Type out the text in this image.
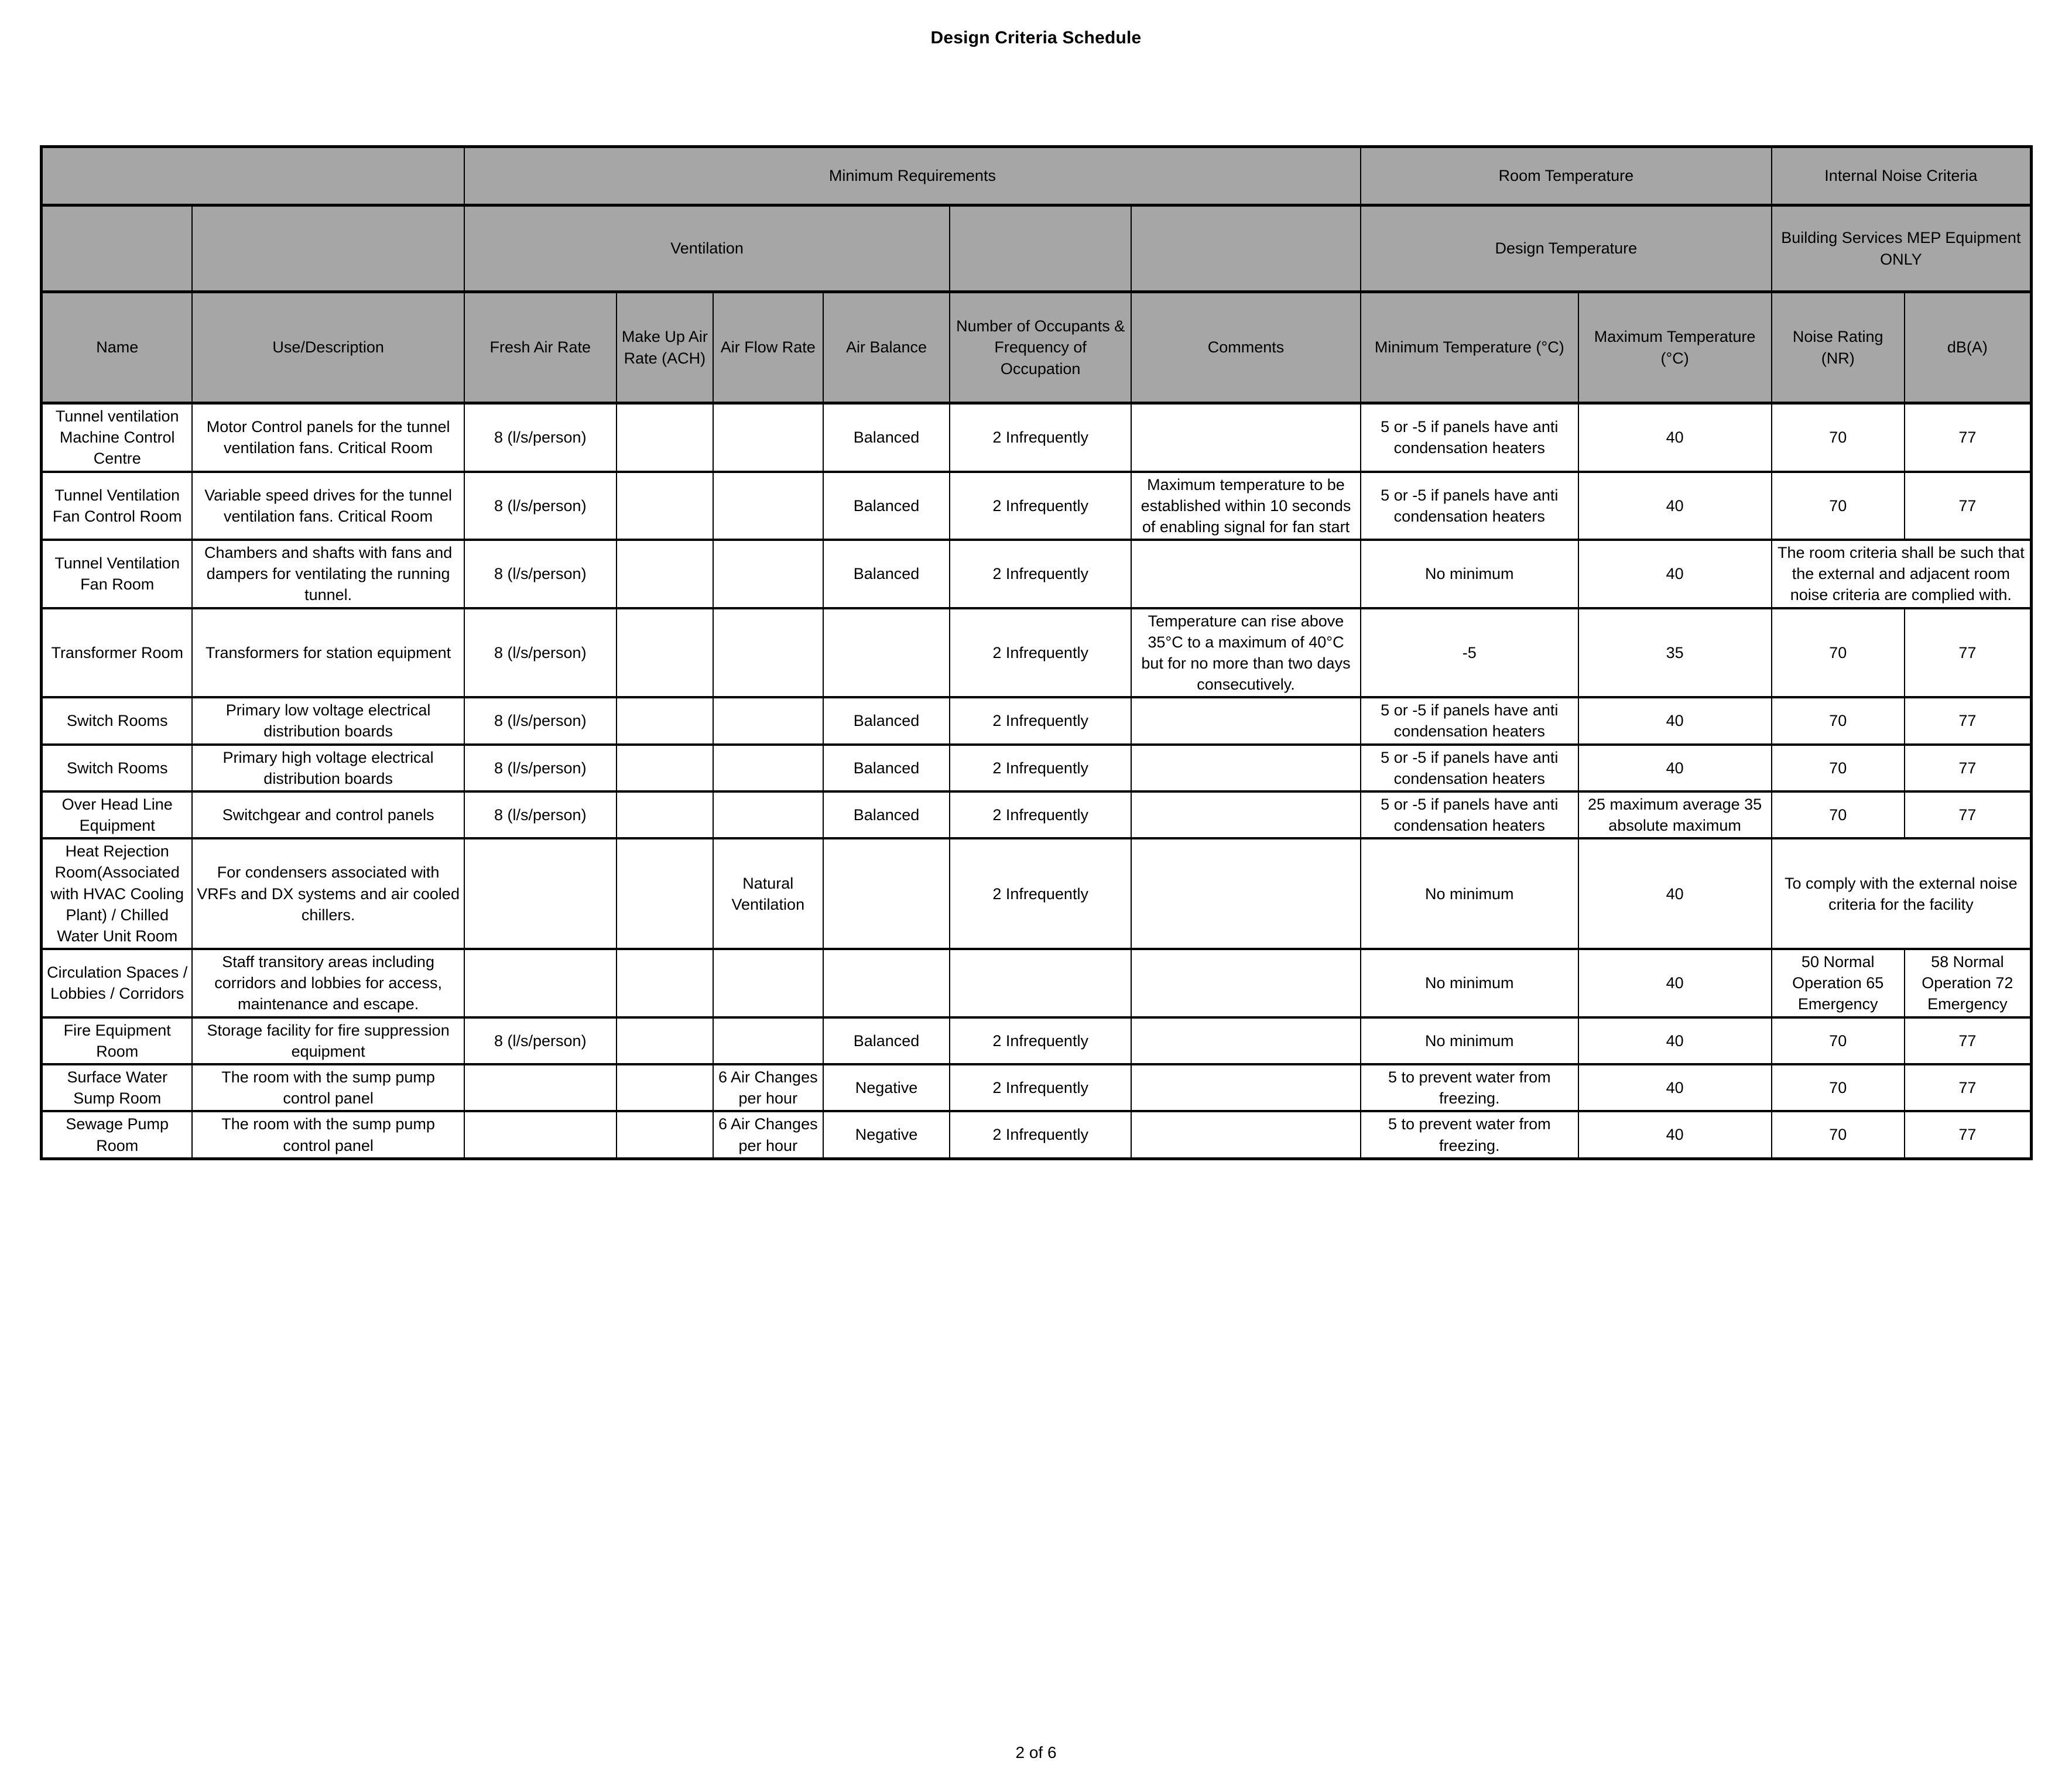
Design Criteria Schedule
		Minimum Requirements						Room Temperature		Internal Noise Criteria	
		Ventilation						Design Temperature		Building Services MEP Equipment ONLY	
Name	Use/Description	Fresh Air Rate	Make Up Air Rate (ACH)	Air Flow Rate	Air Balance	Number of Occupants & Frequency of Occupation	Comments	Minimum Temperature (°C)	Maximum Temperature (°C)	Noise Rating (NR)	dB(A)
Tunnel ventilation Machine Control Centre	Motor Control panels for the tunnel ventilation fans. Critical Room	8 (l/s/person)			Balanced	2 Infrequently		5 or -5 if panels have anti condensation heaters	40	70	77
Tunnel Ventilation Fan Control Room	Variable speed drives for the tunnel ventilation fans. Critical Room	8 (l/s/person)			Balanced	2 Infrequently	Maximum temperature to be established within 10 seconds of enabling signal for fan start	5 or -5 if panels have anti condensation heaters	40	70	77
Tunnel Ventilation Fan Room	Chambers and shafts with fans and dampers for ventilating the running tunnel.	8 (l/s/person)			Balanced	2 Infrequently		No minimum	40	The room criteria shall be such that the external and adjacent room noise criteria are complied with.	
Transformer Room	Transformers for station equipment	8 (l/s/person)				2 Infrequently	Temperature can rise above 35°C to a maximum of 40°C but for no more than two days consecutively.	-5	35	70	77
Switch Rooms	Primary low voltage electrical distribution boards	8 (l/s/person)			Balanced	2 Infrequently		5 or -5 if panels have anti condensation heaters	40	70	77
Switch Rooms	Primary high voltage electrical distribution boards	8 (l/s/person)			Balanced	2 Infrequently		5 or -5 if panels have anti condensation heaters	40	70	77
Over Head Line Equipment	Switchgear and control panels	8 (l/s/person)			Balanced	2 Infrequently		5 or -5 if panels have anti condensation heaters	25 maximum average 35 absolute maximum	70	77
Heat Rejection Room(Associated with HVAC Cooling Plant) / Chilled Water Unit Room	For condensers associated with VRFs and DX systems and air cooled chillers.			Natural Ventilation		2 Infrequently		No minimum	40	To comply with the external noise criteria for the facility	
Circulation Spaces / Lobbies / Corridors	Staff transitory areas including corridors and lobbies for access, maintenance and escape.							No minimum	40	50 Normal Operation 65 Emergency	58 Normal Operation 72 Emergency
Fire Equipment Room	Storage facility for fire suppression equipment	8 (l/s/person)			Balanced	2 Infrequently		No minimum	40	70	77
Surface Water Sump Room	The room with the sump pump control panel			6 Air Changes per hour	Negative	2 Infrequently		5 to prevent water from freezing.	40	70	77
Sewage Pump Room	The room with the sump pump control panel			6 Air Changes per hour	Negative	2 Infrequently		5 to prevent water from freezing.	40	70	77
2 of 6
